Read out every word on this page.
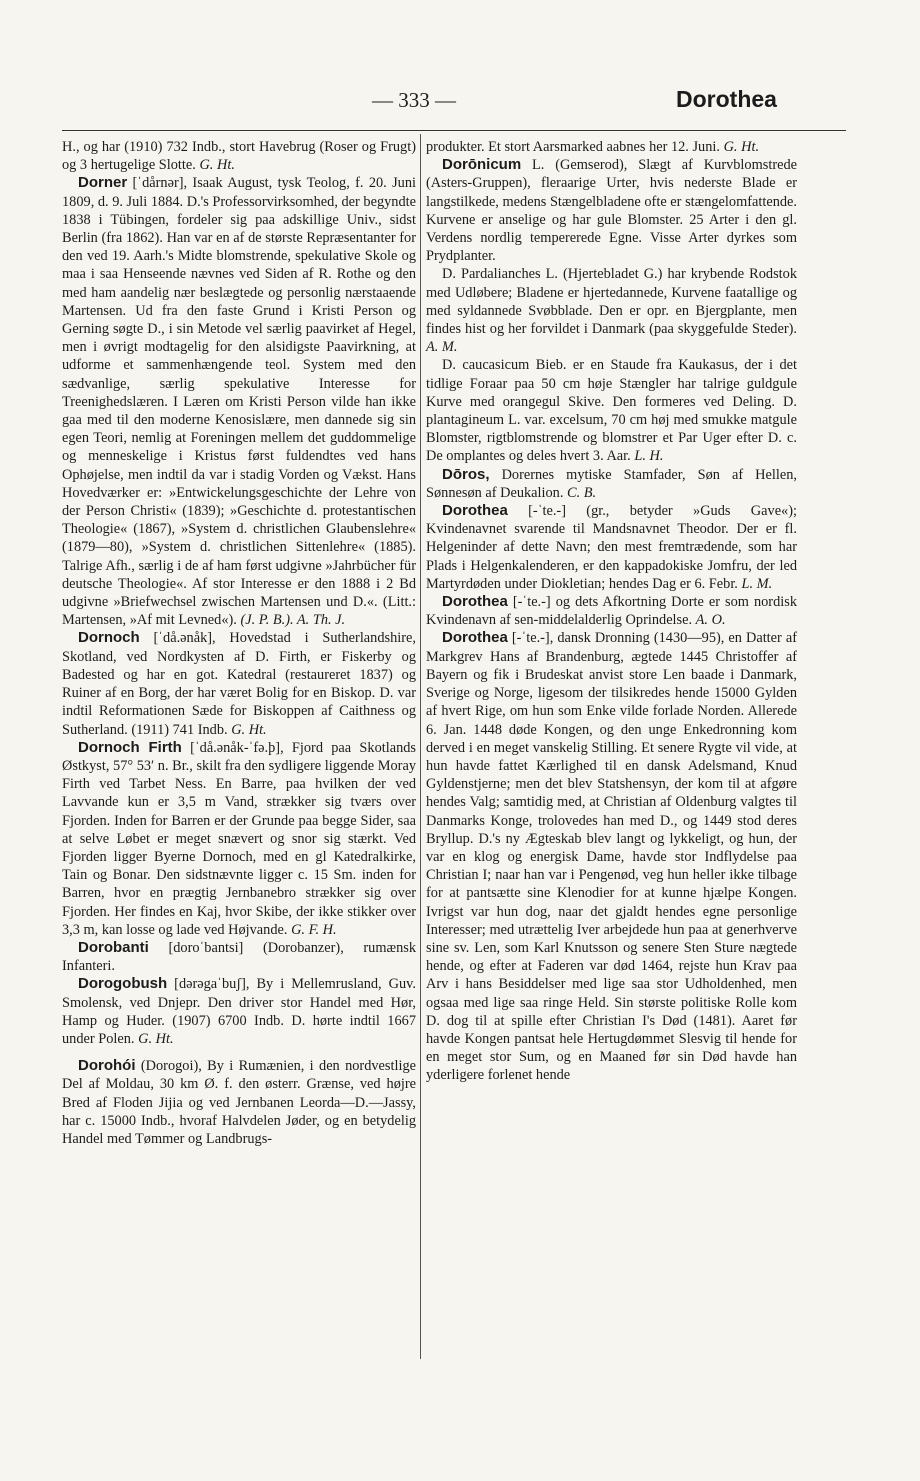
— 333 —	Dorothea

H., og har (1910) 732 Indb., stort Havebrug (Roser og Frugt) og 3 hertugelige Slotte. G. Ht.

Dorner [ˈdårnər], Isaak August, tysk Teolog, f. 20. Juni 1809, d. 9. Juli 1884. D.'s Professorvirksomhed, der begyndte 1838 i Tübingen, fordeler sig paa adskillige Univ., sidst Berlin (fra 1862). Han var en af de største Repræsentanter for den ved 19. Aarh.'s Midte blomstrende, spekulative Skole og maa i saa Henseende nævnes ved Siden af R. Rothe og den med ham aandelig nær beslægtede og personlig nærstaaende Martensen. Ud fra den faste Grund i Kristi Person og Gerning søgte D., i sin Metode vel særlig paavirket af Hegel, men i øvrigt modtagelig for den alsidigste Paavirkning, at udforme et sammenhængende teol. System med den sædvanlige, særlig spekulative Interesse for Treenighedslæren. I Læren om Kristi Person vilde han ikke gaa med til den moderne Kenosislære, men dannede sig sin egen Teori, nemlig at Foreningen mellem det guddommelige og menneskelige i Kristus først fuldendtes ved hans Ophøjelse, men indtil da var i stadig Vorden og Vækst. Hans Hovedværker er: »Entwickelungsgeschichte der Lehre von der Person Christi« (1839); »Geschichte d. protestantischen Theologie« (1867), »System d. christlichen Glaubenslehre« (1879—80), »System d. christlichen Sittenlehre« (1885). Talrige Afh., særlig i de af ham først udgivne »Jahrbücher für deutsche Theologie«. Af stor Interesse er den 1888 i 2 Bd udgivne »Briefwechsel zwischen Martensen und D.«. (Litt.: Martensen, »Af mit Levned«). (J. P. B.). A. Th. J.

Dornoch [ˈdå.ənåk], Hovedstad i Sutherlandshire, Skotland, ved Nordkysten af D. Firth, er Fiskerby og Badested og har en got. Katedral (restaureret 1837) og Ruiner af en Borg, der har været Bolig for en Biskop. D. var indtil Reformationen Sæde for Biskoppen af Caithness og Sutherland. (1911) 741 Indb. G. Ht.

Dornoch Firth [ˈdå.ənåk-ˈfə.þ], Fjord paa Skotlands Østkyst, 57° 53′ n. Br., skilt fra den sydligere liggende Moray Firth ved Tarbet Ness. En Barre, paa hvilken der ved Lavvande kun er 3,5 m Vand, strækker sig tværs over Fjorden. Inden for Barren er der Grunde paa begge Sider, saa at selve Løbet er meget snævert og snor sig stærkt. Ved Fjorden ligger Byerne Dornoch, med en gl Katedralkirke, Tain og Bonar. Den sidstnævnte ligger c. 15 Sm. inden for Barren, hvor en prægtig Jernbanebro strækker sig over Fjorden. Her findes en Kaj, hvor Skibe, der ikke stikker over 3,3 m, kan losse og lade ved Højvande. G. F. H.

Dorobanti [doroˈbantsi] (Dorobanzer), rumænsk Infanteri.

Dorogobush [dərəgaˈbuʃ], By i Mellemrusland, Guv. Smolensk, ved Dnjepr. Den driver stor Handel med Hør, Hamp og Huder. (1907) 6700 Indb. D. hørte indtil 1667 under Polen. G. Ht.

Dorohói (Dorogoi), By i Rumænien, i den nordvestlige Del af Moldau, 30 km Ø. f. den østerr. Grænse, ved højre Bred af Floden Jijia og ved Jernbanen Leorda—D.—Jassy, har c. 15000 Indb., hvoraf Halvdelen Jøder, og en betydelig Handel med Tømmer og Landbrugs-

produkter. Et stort Aarsmarked aabnes her 12. Juni. G. Ht.

Dorōnicum L. (Gemserod), Slægt af Kurvblomstrede (Asters-Gruppen), fleraarige Urter, hvis nederste Blade er langstilkede, medens Stængelbladene ofte er stængelomfattende. Kurvene er anselige og har gule Blomster. 25 Arter i den gl. Verdens nordlig tempererede Egne. Visse Arter dyrkes som Prydplanter.

D. Pardalianches L. (Hjertebladet G.) har krybende Rodstok med Udløbere; Bladene er hjertedannede, Kurvene faatallige og med syldannede Svøbblade. Den er opr. en Bjergplante, men findes hist og her forvildet i Danmark (paa skyggefulde Steder). A. M.

D. caucasicum Bieb. er en Staude fra Kaukasus, der i det tidlige Foraar paa 50 cm høje Stængler har talrige guldgule Kurve med orangegul Skive. Den formeres ved Deling. D. plantagineum L. var. excelsum, 70 cm høj med smukke matgule Blomster, rigtblomstrende og blomstrer et Par Uger efter D. c. De omplantes og deles hvert 3. Aar. L. H.

Dōros, Dorernes mytiske Stamfader, Søn af Hellen, Sønnesøn af Deukalion. C. B.

Dorothea [-ˈte.-] (gr., betyder »Guds Gave«); Kvindenavnet svarende til Mandsnavnet Theodor. Der er fl. Helgeninder af dette Navn; den mest fremtrædende, som har Plads i Helgenkalenderen, er den kappadokiske Jomfru, der led Martyrdøden under Diokletian; hendes Dag er 6. Febr. L. M.

Dorothea [-ˈte.-] og dets Afkortning Dorte er som nordisk Kvindenavn af sen-middelalderlig Oprindelse. A. O.

Dorothea [-ˈte.-], dansk Dronning (1430—95), en Datter af Markgrev Hans af Brandenburg, ægtede 1445 Christoffer af Bayern og fik i Brudeskat anvist store Len baade i Danmark, Sverige og Norge, ligesom der tilsikredes hende 15000 Gylden af hvert Rige, om hun som Enke vilde forlade Norden. Allerede 6. Jan. 1448 døde Kongen, og den unge Enkedronning kom derved i en meget vanskelig Stilling. Et senere Rygte vil vide, at hun havde fattet Kærlighed til en dansk Adelsmand, Knud Gyldenstjerne; men det blev Statshensyn, der kom til at afgøre hendes Valg; samtidig med, at Christian af Oldenburg valgtes til Danmarks Konge, trolovedes han med D., og 1449 stod deres Bryllup. D.'s ny Ægteskab blev langt og lykkeligt, og hun, der var en klog og energisk Dame, havde stor Indflydelse paa Christian I; naar han var i Pengenød, veg hun heller ikke tilbage for at pantsætte sine Klenodier for at kunne hjælpe Kongen. Ivrigst var hun dog, naar det gjaldt hendes egne personlige Interesser; med utrættelig Iver arbejdede hun paa at generhverve sine sv. Len, som Karl Knutsson og senere Sten Sture nægtede hende, og efter at Faderen var død 1464, rejste hun Krav paa Arv i hans Besiddelser med lige saa stor Udholdenhed, men ogsaa med lige saa ringe Held. Sin største politiske Rolle kom D. dog til at spille efter Christian I's Død (1481). Aaret før havde Kongen pantsat hele Hertugdømmet Slesvig til hende for en meget stor Sum, og en Maaned før sin Død havde han yderligere forlenet hende
